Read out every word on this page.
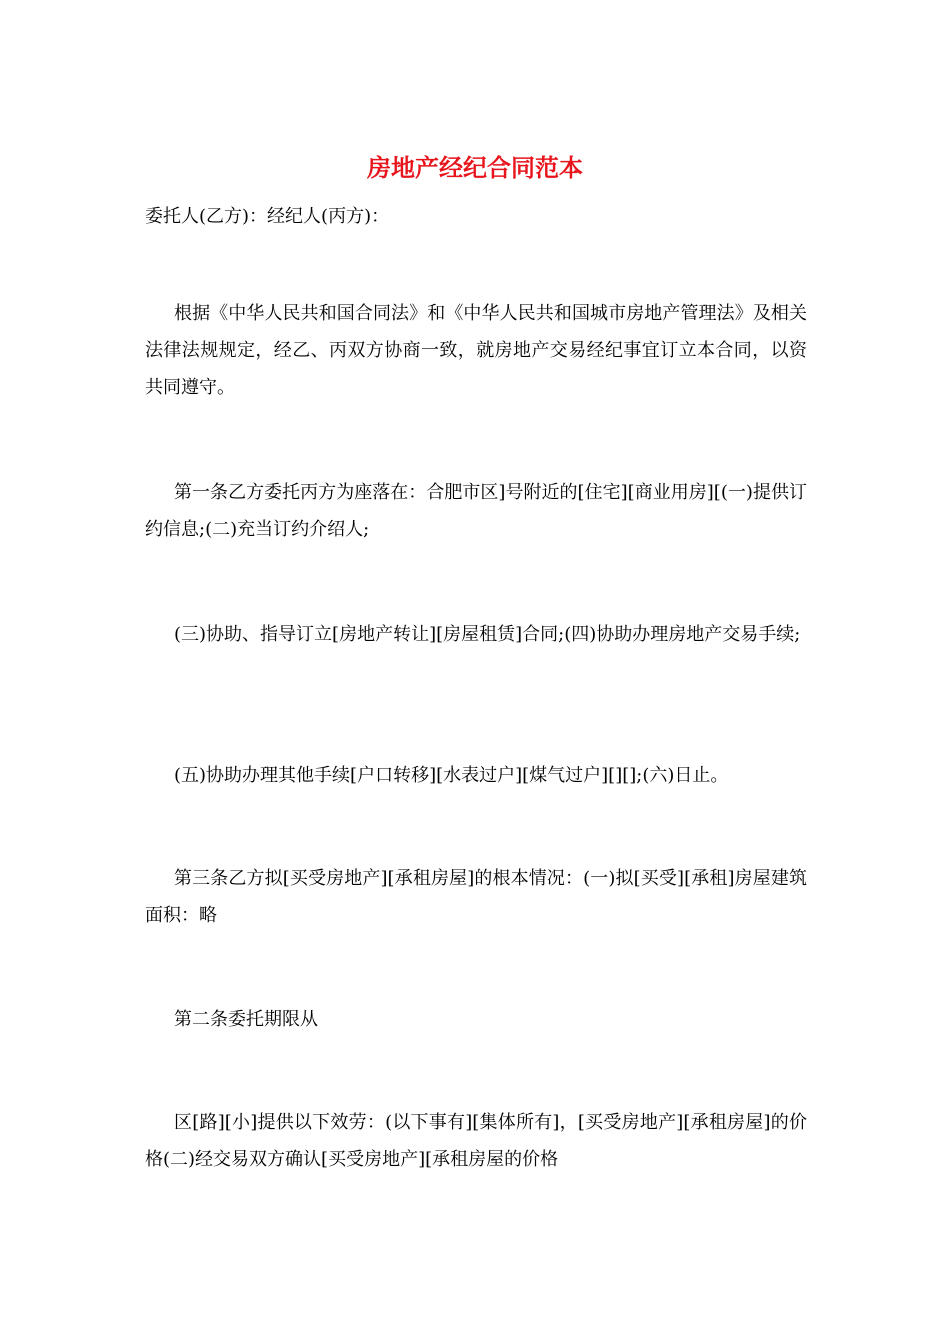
房地产经纪合同范本

委托人(乙方)：经纪人(丙方)：

根据《中华人民共和国合同法》和《中华人民共和国城市房地产管理法》及相关法律法规规定，经乙、丙双方协商一致，就房地产交易经纪事宜订立本合同，以资共同遵守。

第一条乙方委托丙方为座落在：合肥市区]号附近的[住宅][商业用房][(一)提供订约信息;(二)充当订约介绍人;

(三)协助、指导订立[房地产转让][房屋租赁]合同;(四)协助办理房地产交易手续;

(五)协助办理其他手续[户口转移][水表过户][煤气过户][][];(六)日止。

第三条乙方拟[买受房地产][承租房屋]的根本情况：(一)拟[买受][承租]房屋建筑面积：略

第二条委托期限从

区[路][小]提供以下效劳：(以下事有][集体所有]，[买受房地产][承租房屋]的价格(二)经交易双方确认[买受房地产][承租房屋的价格
